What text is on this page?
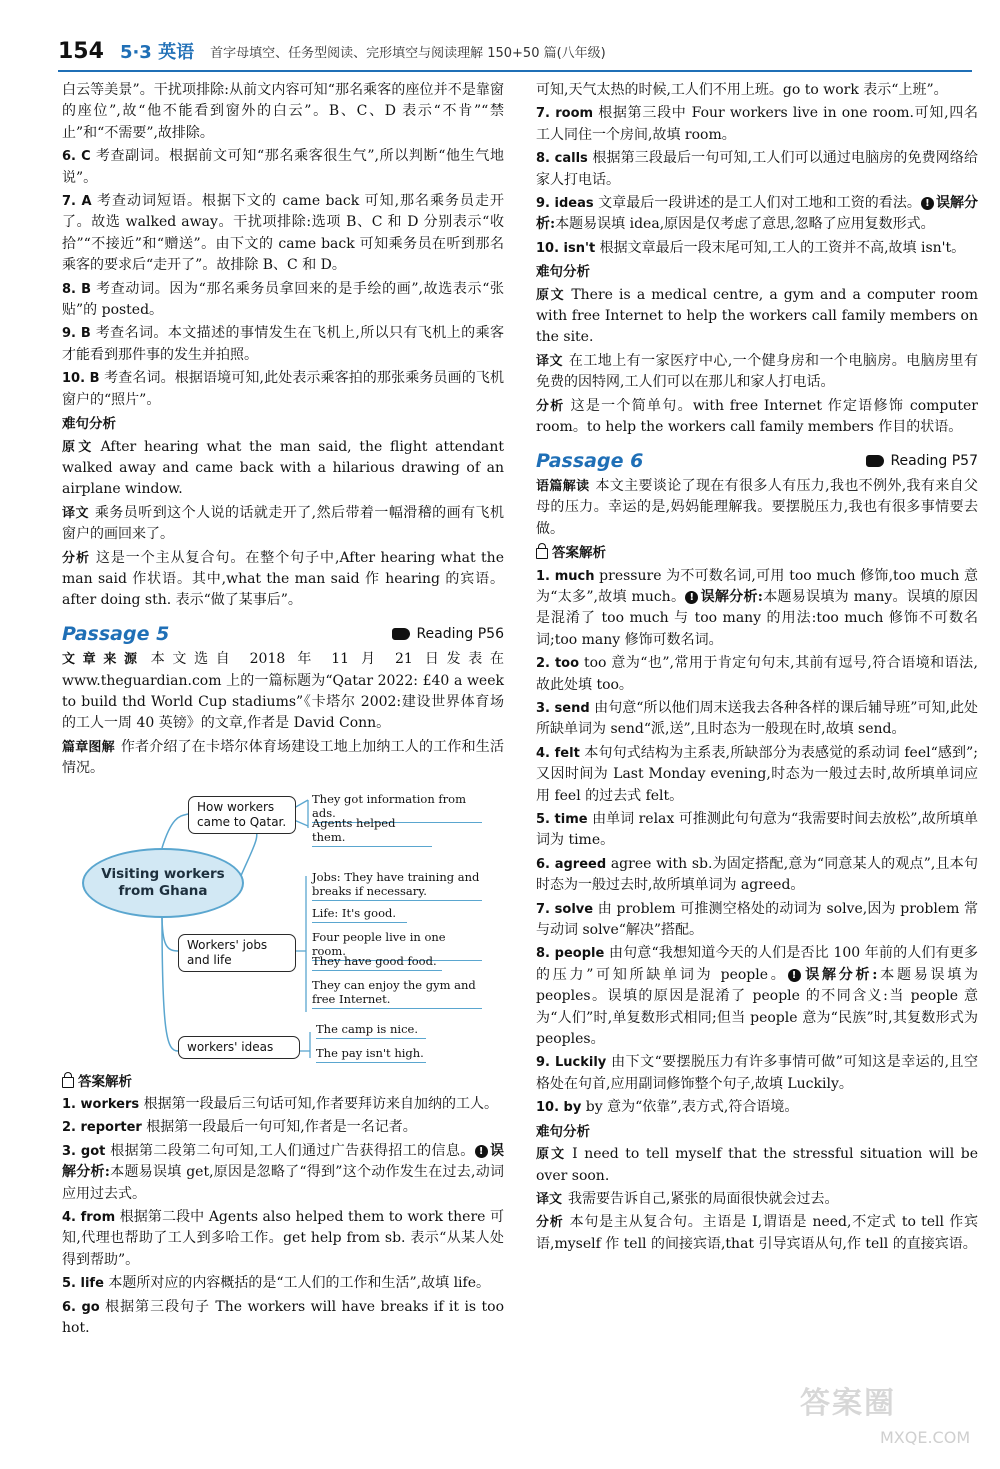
154 5·3 英语 首字母填空、任务型阅读、完形填空与阅读理解 150+50 篇(八年级)

白云等美景”。干扰项排除:从前文内容可知“那名乘客的座位并不是靠窗的座位”,故“他不能看到窗外的白云”。B、C、D 表示“不肯”“禁止”和“不需要”,故排除。

6. C 考查副词。根据前文可知“那名乘客很生气”,所以判断“他生气地说”。

7. A 考查动词短语。根据下文的 came back 可知,那名乘务员走开了。故选 walked away。干扰项排除:选项 B、C 和 D 分别表示“收拾”“不接近”和“赠送”。由下文的 came back 可知乘务员在听到那名乘客的要求后“走开了”。故排除 B、C 和 D。

8. B 考查动词。因为“那名乘务员拿回来的是手绘的画”,故选表示“张贴”的 posted。

9. B 考查名词。本文描述的事情发生在飞机上,所以只有飞机上的乘客才能看到那件事的发生并拍照。

10. B 考查名词。根据语境可知,此处表示乘客拍的那张乘务员画的飞机窗户的“照片”。

难句分析

原文 After hearing what the man said, the flight attendant walked away and came back with a hilarious drawing of an airplane window.

译文 乘务员听到这个人说的话就走开了,然后带着一幅滑稽的画有飞机窗户的画回来了。

分析 这是一个主从复合句。在整个句子中,After hearing what the man said 作状语。其中,what the man said 作 hearing 的宾语。after doing sth. 表示“做了某事后”。

Passage 5	Reading P56

文章来源 本文选自 2018 年 11 月 21 日发表在 www.theguardian.com 上的一篇标题为“Qatar 2022: £40 a week to build thd World Cup stadiums”《卡塔尔 2002:建设世界体育场的工人一周 40 英镑》的文章,作者是 David Conn。

篇章图解 作者介绍了在卡塔尔体育场建设工地上加纳工人的工作和生活情况。

Visiting workers from Ghana
How workers came to Qatar.
They got information from ads.
Agents helped them.
Workers' jobs and life
Jobs: They have training and breaks if necessary.
Life: It's good.
Four people live in one room.
They have good food.
They can enjoy the gym and free Internet.
workers' ideas
The camp is nice.
The pay isn't high.
答案解析

1. workers 根据第一段最后三句话可知,作者要拜访来自加纳的工人。

2. reporter 根据第一段最后一句可知,作者是一名记者。

3. got 根据第二段第二句可知,工人们通过广告获得招工的信息。 ! 误解分析:本题易误填 get,原因是忽略了“得到”这个动作发生在过去,动词应用过去式。

4. from 根据第二段中 Agents also helped them to work there 可知,代理也帮助了工人到多哈工作。get help from sb. 表示“从某人处得到帮助”。

5. life 本题所对应的内容概括的是“工人们的工作和生活”,故填 life。

6. go 根据第三段句子 The workers will have breaks if it is too hot.

可知,天气太热的时候,工人们不用上班。go to work 表示“上班”。

7. room 根据第三段中 Four workers live in one room.可知,四名工人同住一个房间,故填 room。

8. calls 根据第三段最后一句可知,工人们可以通过电脑房的免费网络给家人打电话。

9. ideas 文章最后一段讲述的是工人们对工地和工资的看法。 ! 误解分析:本题易误填 idea,原因是仅考虑了意思,忽略了应用复数形式。

10. isn't 根据文章最后一段末尾可知,工人的工资并不高,故填 isn't。

难句分析

原文 There is a medical centre, a gym and a computer room with free Internet to help the workers call family members on the site.

译文 在工地上有一家医疗中心,一个健身房和一个电脑房。电脑房里有免费的因特网,工人们可以在那儿和家人打电话。

分析 这是一个简单句。with free Internet 作定语修饰 computer room。to help the workers call family members 作目的状语。

Passage 6	Reading P57

语篇解读 本文主要谈论了现在有很多人有压力,我也不例外,我有来自父母的压力。幸运的是,妈妈能理解我。要摆脱压力,我也有很多事情要去做。

答案解析

1. much pressure 为不可数名词,可用 too much 修饰,too much 意为“太多”,故填 much。 ! 误解分析:本题易误填为 many。误填的原因是混淆了 too much 与 too many 的用法:too much 修饰不可数名词;too many 修饰可数名词。

2. too too 意为“也”,常用于肯定句句末,其前有逗号,符合语境和语法,故此处填 too。

3. send 由句意“所以他们周末送我去各种各样的课后辅导班”可知,此处所缺单词为 send“派,送”,且时态为一般现在时,故填 send。

4. felt 本句句式结构为主系表,所缺部分为表感觉的系动词 feel“感到”;又因时间为 Last Monday evening,时态为一般过去时,故所填单词应用 feel 的过去式 felt。

5. time 由单词 relax 可推测此句句意为“我需要时间去放松”,故所填单词为 time。

6. agreed agree with sb.为固定搭配,意为“同意某人的观点”,且本句时态为一般过去时,故所填单词为 agreed。

7. solve 由 problem 可推测空格处的动词为 solve,因为 problem 常与动词 solve“解决”搭配。

8. people 由句意“我想知道今天的人们是否比 100 年前的人们有更多的压力”可知所缺单词为 people。 ! 误解分析:本题易误填为 peoples。误填的原因是混淆了 people 的不同含义:当 people 意为“人们”时,单复数形式相同;但当 people 意为“民族”时,其复数形式为 peoples。

9. Luckily 由下文“要摆脱压力有许多事情可做”可知这是幸运的,且空格处在句首,应用副词修饰整个句子,故填 Luckily。

10. by by 意为“依靠”,表方式,符合语境。

难句分析

原文 I need to tell myself that the stressful situation will be over soon.

译文 我需要告诉自己,紧张的局面很快就会过去。

分析 本句是主从复合句。主语是 I,谓语是 need,不定式 to tell 作宾语,myself 作 tell 的间接宾语,that 引导宾语从句,作 tell 的直接宾语。

答案圈
MXQE.COM
